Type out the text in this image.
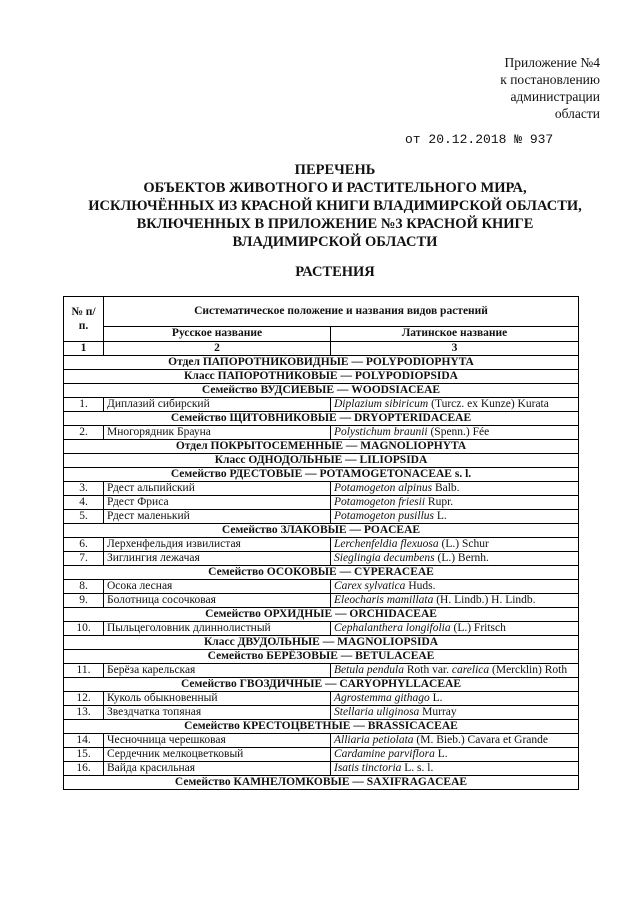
Приложение №4
к постановлению
администрации
области
от 20.12.2018 № 937
ПЕРЕЧЕНЬ
ОБЪЕКТОВ ЖИВОТНОГО И РАСТИТЕЛЬНОГО МИРА,
ИСКЛЮЧЁННЫХ ИЗ КРАСНОЙ КНИГИ ВЛАДИМИРСКОЙ ОБЛАСТИ,
ВКЛЮЧЕННЫХ В ПРИЛОЖЕНИЕ №3 КРАСНОЙ КНИГЕ
ВЛАДИМИРСКОЙ ОБЛАСТИ
РАСТЕНИЯ
№ п/п.	Систематическое положение и названия видов растений	
	Русское название	Латинское название
1	2	3
Отдел ПАПОРОТНИКОВИДНЫЕ — POLYPODIOPHYTA		
Класс ПАПОРОТНИКОВЫЕ — POLYPODIOPSIDA		
Семейство ВУДСИЕВЫЕ — WOODSIACEAE		
1.	Диплазий сибирский	Diplazium sibiricum (Turcz. ex Kunze) Kurata
Семейство ЩИТОВНИКОВЫЕ — DRYOPTERIDACEAE		
2.	Многорядник Брауна	Polystichum braunii (Spenn.) Fée
Отдел ПОКРЫТОСЕМЕННЫЕ — MAGNOLIOPHYTA		
Класс ОДНОДОЛЬНЫЕ — LILIOPSIDA		
Семейство РДЕСТОВЫЕ — POTAMOGETONACEAE s. l.		
3.	Рдест альпийский	Potamogeton alpinus Balb.
4.	Рдест Фриса	Potamogeton friesii Rupr.
5.	Рдест маленький	Potamogeton pusillus L.
Семейство ЗЛАКОВЫЕ — POACEAE		
6.	Лерхенфельдия извилистая	Lerchenfeldia flexuosa (L.) Schur
7.	Зиглингия лежачая	Sieglingia decumbens (L.) Bernh.
Семейство ОСОКОВЫЕ — CYPERACEAE		
8.	Осока лесная	Carex sylvatica Huds.
9.	Болотница сосочковая	Eleocharis mamillata (H. Lindb.) H. Lindb.
Семейство ОРХИДНЫЕ — ORCHIDACEAE		
10.	Пыльцеголовник длиннолистный	Cephalanthera longifolia (L.) Fritsch
Класс ДВУДОЛЬНЫЕ — MAGNOLIOPSIDA		
Семейство БЕРЁЗОВЫЕ — BETULACEAE		
11.	Берёза карельская	Betula pendula Roth var. carelica (Mercklin) Roth
Семейство ГВОЗДИЧНЫЕ — CARYOPHYLLACEAE		
12.	Куколь обыкновенный	Agrostemma githago L.
13.	Звездчатка топяная	Stellaria uliginosa Murray
Семейство КРЕСТОЦВЕТНЫЕ — BRASSICACEAE		
14.	Чесночница черешковая	Alliaria petiolata (M. Bieb.) Cavara et Grande
15.	Сердечник мелкоцветковый	Cardamine parviflora L.
16.	Вайда красильная	Isatis tinctoria L. s. l.
Семейство КАМНЕЛОМКОВЫЕ — SAXIFRAGACEAE		
